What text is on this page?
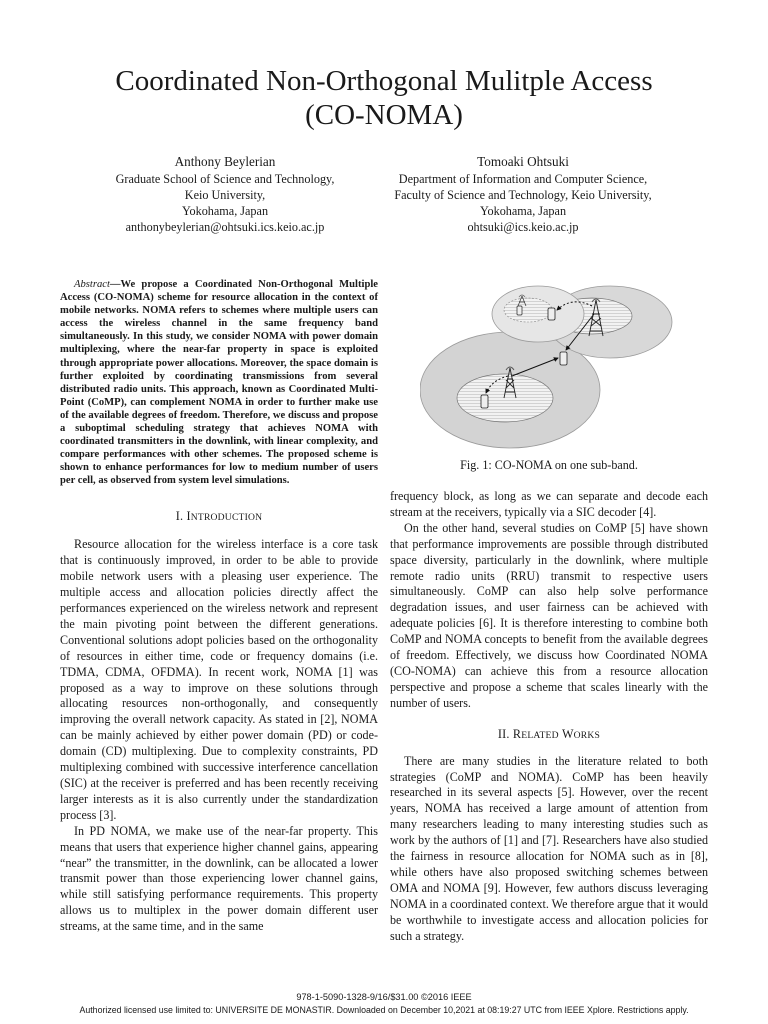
Coordinated Non-Orthogonal Mulitple Access
(CO-NOMA)
Anthony Beylerian
Graduate School of Science and Technology,
Keio University,
Yokohama, Japan
anthonybeylerian@ohtsuki.ics.keio.ac.jp
Tomoaki Ohtsuki
Department of Information and Computer Science,
Faculty of Science and Technology, Keio University,
Yokohama, Japan
ohtsuki@ics.keio.ac.jp

Abstract—We propose a Coordinated Non-Orthogonal Multiple Access (CO-NOMA) scheme for resource allocation in the context of mobile networks. NOMA refers to schemes where multiple users can access the wireless channel in the same frequency band simultaneously. In this study, we consider NOMA with power domain multiplexing, where the near-far property in space is exploited through appropriate power allocations. Moreover, the space domain is further exploited by coordinating transmissions from several distributed radio units. This approach, known as Coordinated Multi-Point (CoMP), can complement NOMA in order to further make use of the available degrees of freedom. Therefore, we discuss and propose a suboptimal scheduling strategy that achieves NOMA with coordinated transmitters in the downlink, with linear complexity, and compare performances with other schemes. The proposed scheme is shown to enhance performances for low to medium number of users per cell, as observed from system level simulations.

I. INTRODUCTION

Resource allocation for the wireless interface is a core task that is continuously improved, in order to be able to provide mobile network users with a pleasing user experience. The multiple access and allocation policies directly affect the performances experienced on the wireless network and represent the main pivoting point between the different generations. Conventional solutions adopt policies based on the orthogonality of resources in either time, code or frequency domains (i.e. TDMA, CDMA, OFDMA). In recent work, NOMA [1] was proposed as a way to improve on these solutions through allocating resources non-orthogonally, and consequently improving the overall network capacity. As stated in [2], NOMA can be mainly achieved by either power domain (PD) or code-domain (CD) multiplexing. Due to complexity constraints, PD multiplexing combined with successive interference cancellation (SIC) at the receiver is preferred and has been recently receiving larger interests as it is also currently under the standardization process [3].

In PD NOMA, we make use of the near-far property. This means that users that experience higher channel gains, appearing “near” the transmitter, in the downlink, can be allocated a lower transmit power than those experiencing lower channel gains, while still satisfying performance requirements. This property allows us to multiplex in the power domain different user streams, at the same time, and in the same

Fig. 1: CO-NOMA on one sub-band.

frequency block, as long as we can separate and decode each stream at the receivers, typically via a SIC decoder [4].

On the other hand, several studies on CoMP [5] have shown that performance improvements are possible through distributed space diversity, particularly in the downlink, where multiple remote radio units (RRU) transmit to respective users simultaneously. CoMP can also help solve performance degradation issues, and user fairness can be achieved with adequate policies [6]. It is therefore interesting to combine both CoMP and NOMA concepts to benefit from the available degrees of freedom. Effectively, we discuss how Coordinated NOMA (CO-NOMA) can achieve this from a resource allocation perspective and propose a scheme that scales linearly with the number of users.

II. RELATED WORKS

There are many studies in the literature related to both strategies (CoMP and NOMA). CoMP has been heavily researched in its several aspects [5]. However, over the recent years, NOMA has received a large amount of attention from many researchers leading to many interesting studies such as work by the authors of [1] and [7]. Researchers have also studied the fairness in resource allocation for NOMA such as in [8], while others have also proposed switching schemes between OMA and NOMA [9]. However, few authors discuss leveraging NOMA in a coordinated context. We therefore argue that it would be worthwhile to investigate access and allocation policies for such a strategy.

978-1-5090-1328-9/16/$31.00 ©2016 IEEE
Authorized licensed use limited to: UNIVERSITE DE MONASTIR. Downloaded on December 10,2021 at 08:19:27 UTC from IEEE Xplore. Restrictions apply.
